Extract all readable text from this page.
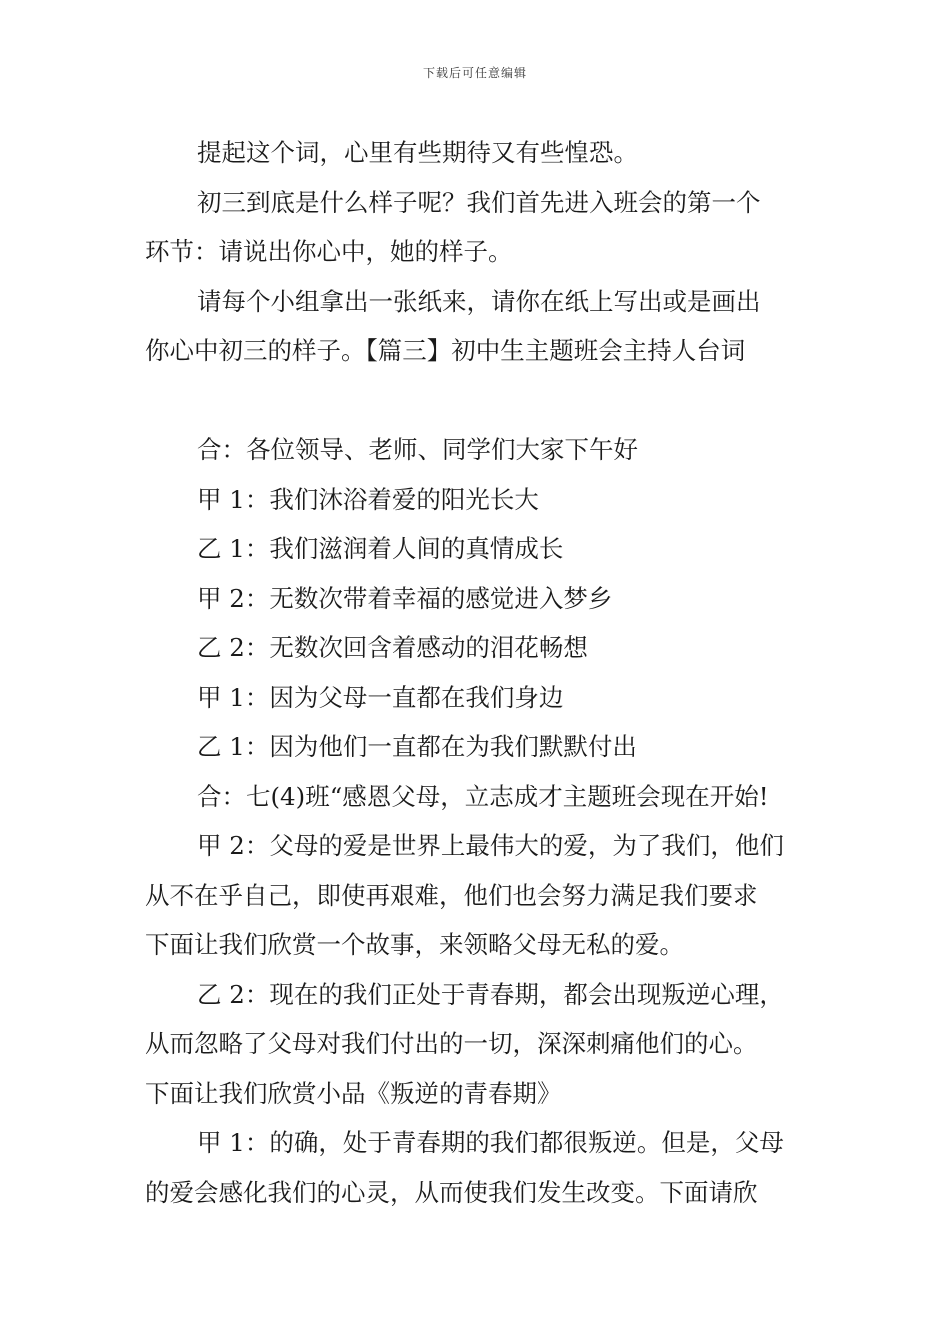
下载后可任意编辑

提起这个词，心里有些期待又有些惶恐。

初三到底是什么样子呢？我们首先进入班会的第一个

环节：请说出你心中，她的样子。

请每个小组拿出一张纸来，请你在纸上写出或是画出

你心中初三的样子。【篇三】初中生主题班会主持人台词

合：各位领导、老师、同学们大家下午好

甲 1：我们沐浴着爱的阳光长大

乙 1：我们滋润着人间的真情成长

甲 2：无数次带着幸福的感觉进入梦乡

乙 2：无数次回含着感动的泪花畅想

甲 1：因为父母一直都在我们身边

乙 1：因为他们一直都在为我们默默付出

合：七(4)班“感恩父母，立志成才主题班会现在开始!

甲 2：父母的爱是世界上最伟大的爱，为了我们，他们

从不在乎自己，即使再艰难，他们也会努力满足我们要求

下面让我们欣赏一个故事，来领略父母无私的爱。

乙 2：现在的我们正处于青春期，都会出现叛逆心理，

从而忽略了父母对我们付出的一切，深深刺痛他们的心。

下面让我们欣赏小品《叛逆的青春期》

甲 1：的确，处于青春期的我们都很叛逆。但是，父母

的爱会感化我们的心灵，从而使我们发生改变。下面请欣
